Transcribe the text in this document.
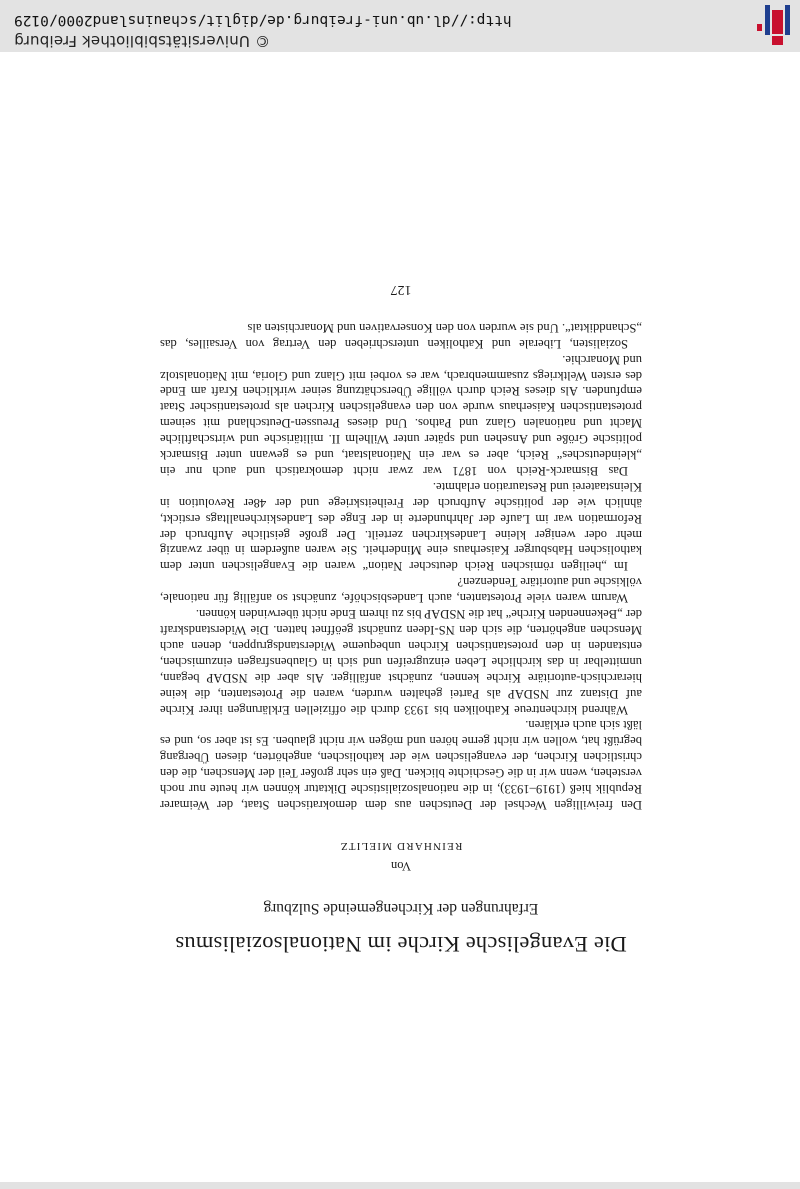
Die Evangelische Kirche im Nationalsozialismus

Erfahrungen der Kirchengemeinde Sulzburg

Von

REINHARD MIELITZ

Den freiwilligen Wechsel der Deutschen aus dem demokratischen Staat, der Weimarer Republik hieß (1919–1933), in die nationalsozialistische Diktatur können wir heute nur noch verstehen, wenn wir in die Geschichte blicken. Daß ein sehr großer Teil der Menschen, die den christlichen Kirchen, der evangelischen wie der katholischen, angehörten, diesen Übergang begrüßt hat, wollen wir nicht gerne hören und mögen wir nicht glauben. Es ist aber so, und es läßt sich auch erklären.

Während kirchentreue Katholiken bis 1933 durch die offiziellen Erklärungen ihrer Kirche auf Distanz zur NSDAP als Partei gehalten wurden, waren die Protestanten, die keine hierarchisch-autoritäre Kirche kennen, zunächst anfälliger. Als aber die NSDAP begann, unmittelbar in das kirchliche Leben einzugreifen und sich in Glaubensfragen einzumischen, entstanden in den protestantischen Kirchen unbequeme Widerstandsgruppen, denen auch Menschen angehörten, die sich den NS-Ideen zunächst geöffnet hatten. Die Widerstandskraft der „Bekennenden Kirche“ hat die NSDAP bis zu ihrem Ende nicht überwinden können.

Warum waren viele Protestanten, auch Landesbischöfe, zunächst so anfällig für nationale, völkische und autoritäre Tendenzen?

Im „heiligen römischen Reich deutscher Nation“ waren die Evangelischen unter dem katholischen Habsburger Kaiserhaus eine Minderheit. Sie waren außerdem in über zwanzig mehr oder weniger kleine Landeskirchen zerteilt. Der große geistliche Aufbruch der Reformation war im Laufe der Jahrhunderte in der Enge des Landeskirchenalltags erstickt, ähnlich wie der politische Aufbruch der Freiheitskriege und der 48er Revolution in Kleinstaaterei und Restauration erlahmte.

Das Bismarck-Reich von 1871 war zwar nicht demokratisch und auch nur ein „kleindeutsches“ Reich, aber es war ein Nationalstaat, und es gewann unter Bismarck politische Größe und Ansehen und später unter Wilhelm II. militärische und wirtschaftliche Macht und nationalen Glanz und Pathos. Und dieses Preussen-Deutschland mit seinem protestantischen Kaiserhaus wurde von den evangelischen Kirchen als protestantischer Staat empfunden. Als dieses Reich durch völlige Überschätzung seiner wirklichen Kraft am Ende des ersten Weltkriegs zusammenbrach, war es vorbei mit Glanz und Gloria, mit Nationalstolz und Monarchie.

Sozialisten, Liberale und Katholiken unterschrieben den Vertrag von Versailles, das „Schanddiktat“. Und sie wurden von den Konservativen und Monarchisten als

127
http://dl.ub.uni-freiburg.de/diglit/schauinsland2000/0129
© Universitätsbibliothek Freiburg
